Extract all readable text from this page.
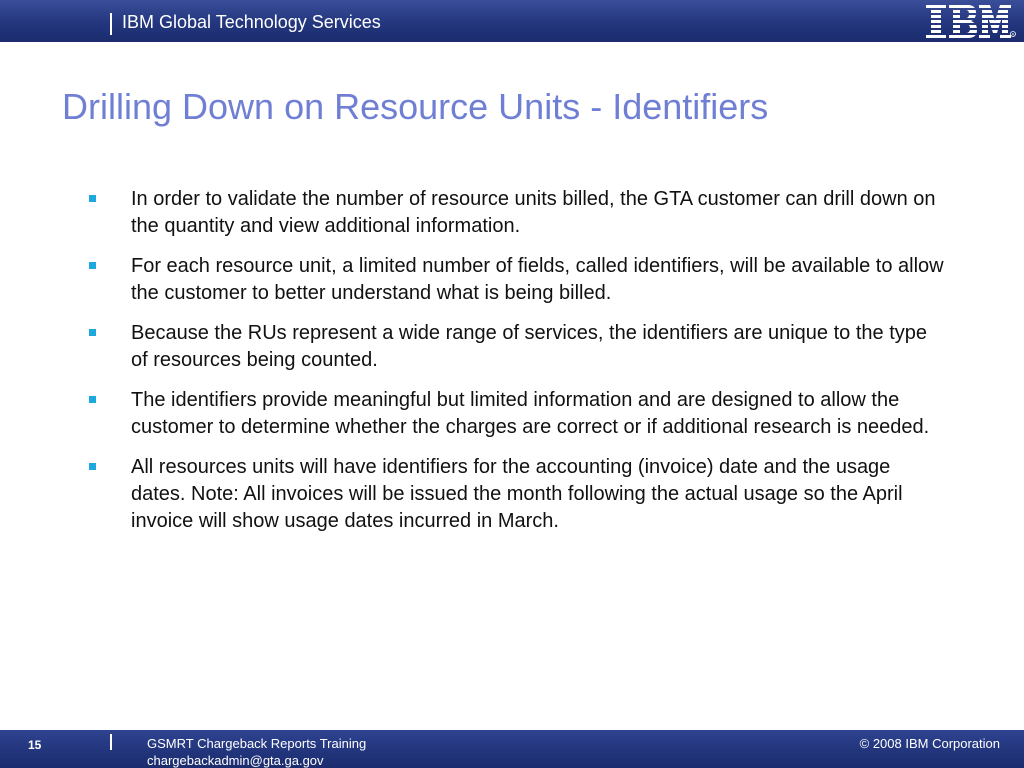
IBM Global Technology Services
R
Drilling Down on Resource Units - Identifiers
In order to validate the number of resource units billed, the GTA customer can drill down on the quantity and view additional information.
For each resource unit, a limited number of fields, called identifiers, will be available to allow the customer to better understand what is being billed.
Because the RUs represent a wide range of services, the identifiers are unique to the type of resources being counted.
The identifiers provide meaningful but limited information and are designed to allow the customer to determine whether the charges are correct or if additional research is needed.
All resources units will have identifiers for the accounting (invoice) date and the usage dates. Note: All invoices will be issued the month following the actual usage so the April invoice will show usage dates incurred in March.
15	GSMRT Chargeback Reports Training
chargebackadmin@gta.ga.gov
© 2008 IBM Corporation
